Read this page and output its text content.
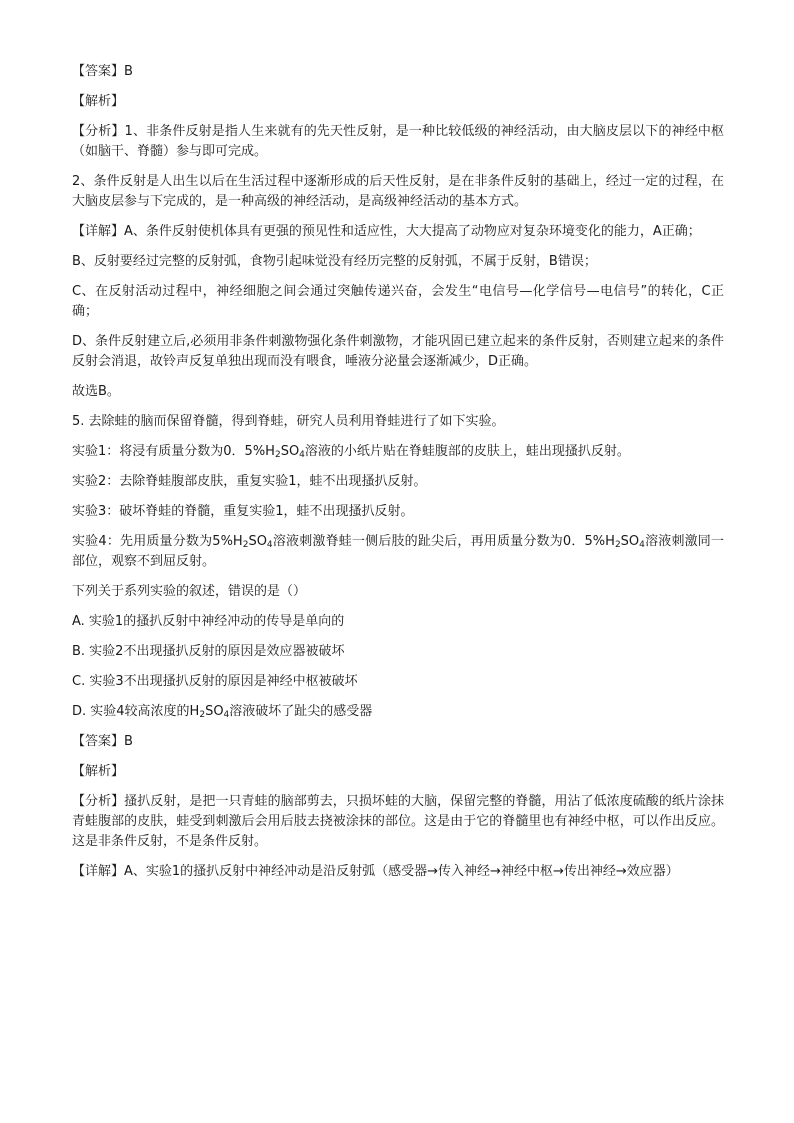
【答案】B

【解析】

【分析】1、非条件反射是指人生来就有的先天性反射，是一种比较低级的神经活动，由大脑皮层以下的神经中枢（如脑干、脊髓）参与即可完成。

2、条件反射是人出生以后在生活过程中逐渐形成的后天性反射，是在非条件反射的基础上，经过一定的过程，在大脑皮层参与下完成的，是一种高级的神经活动，是高级神经活动的基本方式。

【详解】A、条件反射使机体具有更强的预见性和适应性，大大提高了动物应对复杂环境变化的能力，A正确；

B、反射要经过完整的反射弧，食物引起味觉没有经历完整的反射弧，不属于反射，B错误；

C、在反射活动过程中，神经细胞之间会通过突触传递兴奋，会发生“电信号—化学信号—电信号”的转化，C正确；

D、条件反射建立后,必须用非条件刺激物强化条件刺激物，才能巩固已建立起来的条件反射，否则建立起来的条件反射会消退，故铃声反复单独出现而没有喂食，唾液分泌量会逐渐减少，D正确。

故选B。

5. 去除蛙的脑而保留脊髓，得到脊蛙，研究人员利用脊蛙进行了如下实验。

实验1：将浸有质量分数为0．$5\%H_2SO_4$溶液的小纸片贴在脊蛙腹部的皮肤上，蛙出现搔扒反射。

实验2：去除脊蛙腹部皮肤，重复实验1，蛙不出现搔扒反射。

实验3：破坏脊蛙的脊髓，重复实验1，蛙不出现搔扒反射。

实验4：先用质量分数为$5\%H_2SO_4$溶液刺激脊蛙一侧后肢的趾尖后，再用质量分数为0．$5\%H_2SO_4$溶液刺激同一部位，观察不到屈反射。

下列关于系列实验的叙述，错误的是（）

A. 实验1的搔扒反射中神经冲动的传导是单向的

B. 实验2不出现搔扒反射的原因是效应器被破坏

C. 实验3不出现搔扒反射的原因是神经中枢被破坏

D. 实验4较高浓度的$H_2SO_4$溶液破坏了趾尖的感受器

【答案】B

【解析】

【分析】搔扒反射，是把一只青蛙的脑部剪去，只损坏蛙的大脑，保留完整的脊髓，用沾了低浓度硫酸的纸片涂抹青蛙腹部的皮肤，蛙受到刺激后会用后肢去挠被涂抹的部位。这是由于它的脊髓里也有神经中枢，可以作出反应。这是非条件反射，不是条件反射。

【详解】A、实验1的搔扒反射中神经冲动是沿反射弧（感受器→传入神经→神经中枢→传出神经→效应器）
